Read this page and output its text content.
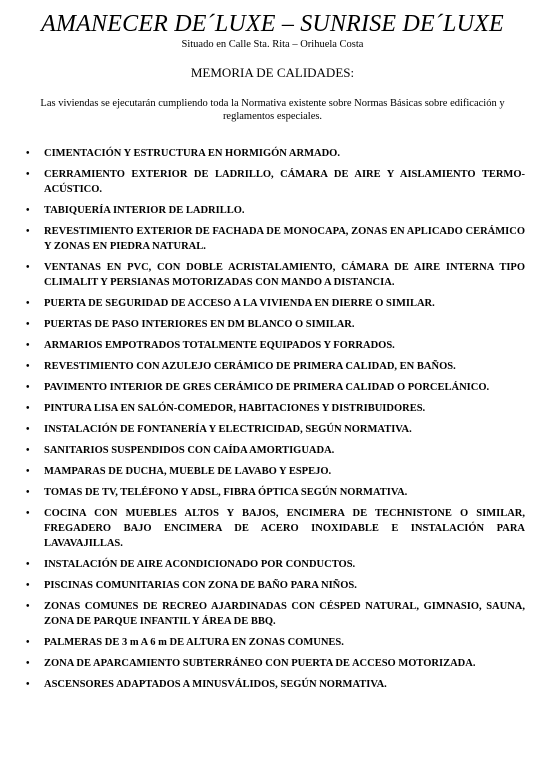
AMANECER DE´LUXE – SUNRISE DE´LUXE

Situado en Calle Sta. Rita – Orihuela Costa

MEMORIA DE CALIDADES:

Las viviendas se ejecutarán cumpliendo toda la Normativa existente sobre Normas Básicas sobre edificación y reglamentos especiales.

• CIMENTACIÓN Y ESTRUCTURA EN HORMIGÓN ARMADO.
• CERRAMIENTO EXTERIOR DE LADRILLO, CÁMARA DE AIRE Y AISLAMIENTO TERMO-ACÚSTICO.
• TABIQUERÍA INTERIOR DE LADRILLO.
• REVESTIMIENTO EXTERIOR DE FACHADA DE MONOCAPA, ZONAS EN APLICADO CERÁMICO Y ZONAS EN PIEDRA NATURAL.
• VENTANAS EN PVC, CON DOBLE ACRISTALAMIENTO, CÁMARA DE AIRE INTERNA TIPO CLIMALIT Y PERSIANAS MOTORIZADAS CON MANDO A DISTANCIA.
• PUERTA DE SEGURIDAD DE ACCESO A LA VIVIENDA EN DIERRE O SIMILAR.
• PUERTAS DE PASO INTERIORES EN DM BLANCO O SIMILAR.
• ARMARIOS EMPOTRADOS TOTALMENTE EQUIPADOS Y FORRADOS.
• REVESTIMIENTO CON AZULEJO CERÁMICO DE PRIMERA CALIDAD, EN BAÑOS.
• PAVIMENTO INTERIOR DE GRES CERÁMICO DE PRIMERA CALIDAD O PORCELÁNICO.
• PINTURA LISA EN SALÓN-COMEDOR, HABITACIONES Y DISTRIBUIDORES.
• INSTALACIÓN DE FONTANERÍA Y ELECTRICIDAD, SEGÚN NORMATIVA.
• SANITARIOS SUSPENDIDOS CON CAÍDA AMORTIGUADA.
• MAMPARAS DE DUCHA, MUEBLE DE LAVABO Y ESPEJO.
• TOMAS DE TV, TELÉFONO Y ADSL, FIBRA ÓPTICA SEGÚN NORMATIVA.
• COCINA CON MUEBLES ALTOS Y BAJOS, ENCIMERA DE TECHNISTONE O SIMILAR, FREGADERO BAJO ENCIMERA DE ACERO INOXIDABLE E INSTALACIÓN PARA LAVAVAJILLAS.
• INSTALACIÓN DE AIRE ACONDICIONADO POR CONDUCTOS.
• PISCINAS COMUNITARIAS CON ZONA DE BAÑO PARA NIÑOS.
• ZONAS COMUNES DE RECREO AJARDINADAS CON CÉSPED NATURAL, GIMNASIO, SAUNA, ZONA DE PARQUE INFANTIL Y ÁREA DE BBQ.
• PALMERAS DE 3 m A 6 m DE ALTURA EN ZONAS COMUNES.
• ZONA DE APARCAMIENTO SUBTERRÁNEO CON PUERTA DE ACCESO MOTORIZADA.
• ASCENSORES ADAPTADOS A MINUSVÁLIDOS, SEGÚN NORMATIVA.
